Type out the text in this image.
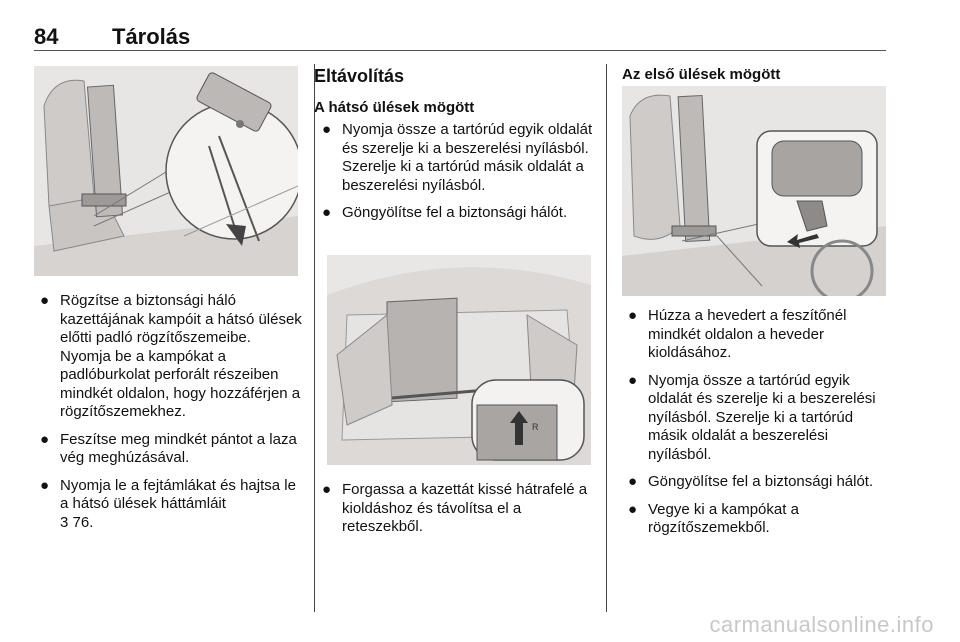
84 Tárolás
● Rögzítse a biztonsági háló kazettájának kampóit a hátsó ülések előtti padló rögzítőszemeibe. Nyomja be a kampókat a padlóburkolat perforált részeiben mindkét oldalon, hogy hozzáférjen a rögzítőszemekhez.
● Feszítse meg mindkét pántot a laza vég meghúzásával.
● Nyomja le a fejtámlákat és hajtsa le a hátsó ülések háttámláit
3 76.
Eltávolítás
A hátsó ülések mögött
● Nyomja össze a tartórúd egyik oldalát és szerelje ki a beszerelési nyílásból. Szerelje ki a tartórúd másik oldalát a beszerelési nyílásból.
● Göngyölítse fel a biztonsági hálót.
R
● Forgassa a kazettát kissé hátrafelé a kioldáshoz és távolítsa el a reteszekből.
Az első ülések mögött
● Húzza a hevedert a feszítőnél mindkét oldalon a heveder kioldásához.
● Nyomja össze a tartórúd egyik oldalát és szerelje ki a beszerelési nyílásból. Szerelje ki a tartórúd másik oldalát a beszerelési nyílásból.
● Göngyölítse fel a biztonsági hálót.
● Vegye ki a kampókat a rögzítőszemekből.
carmanualsonline.info
